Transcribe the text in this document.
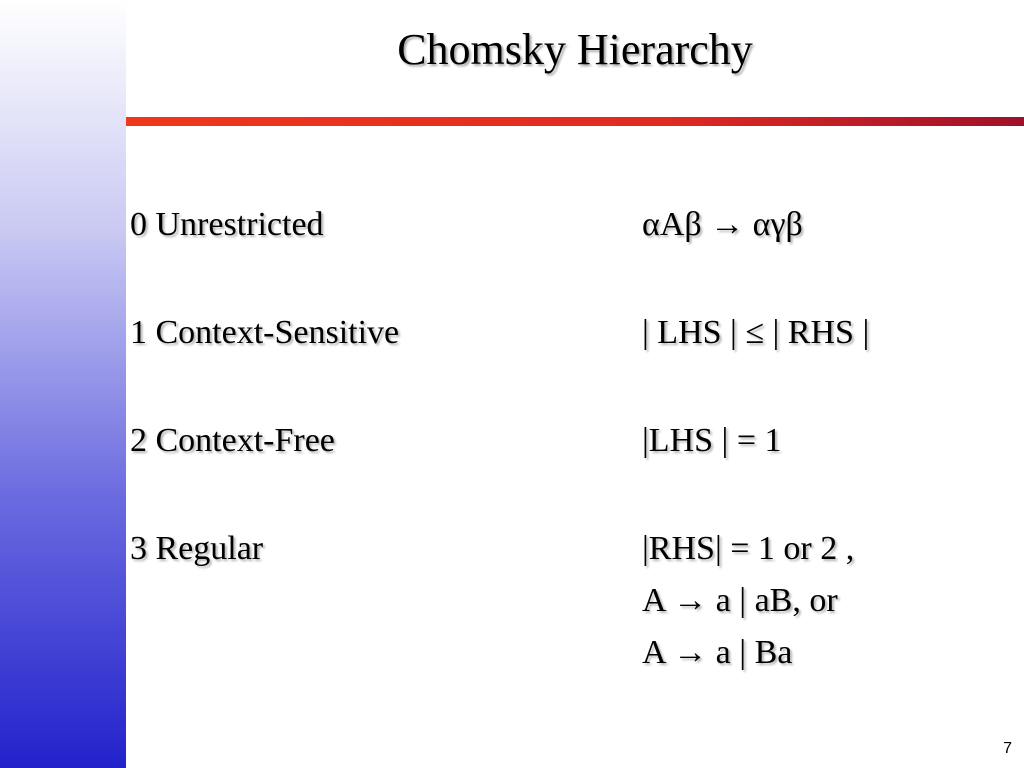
Chomsky Hierarchy
0 Unrestricted	αAβ → αγβ
1 Context-Sensitive	| LHS | ≤ | RHS |
2 Context-Free	|LHS | = 1
3 Regular	|RHS| = 1 or 2 ,
A → a | aB, or
A → a | Ba
7
